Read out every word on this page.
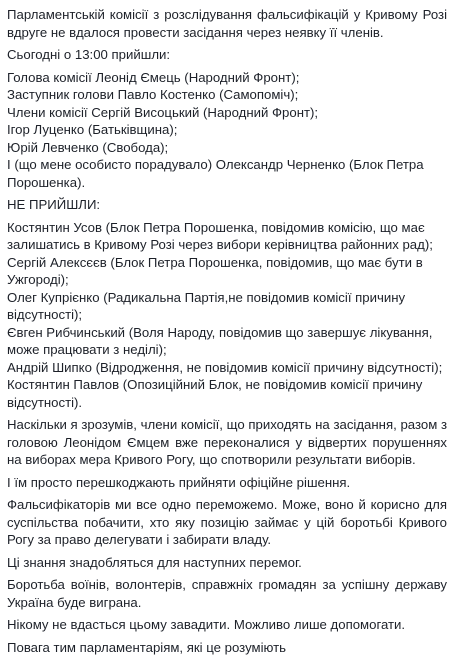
Парламентській комісії з розслідування фальсифікацій у Кривому Розі вдруге не вдалося провести засідання через неявку її членів.

Сьогодні о 13:00 прийшли:

Голова комісії Леонід Ємець (Народний Фронт);
Заступник голови Павло Костенко (Самопоміч);
Члени комісії Сергій Висоцький (Народний Фронт);
Ігор Луценко (Батьківщина);
Юрій Левченко (Свобода);
І (що мене особисто порадувало) Олександр Черненко (Блок Петра Порошенка).

НЕ ПРИЙШЛИ:

Костянтин Усов (Блок Петра Порошенка, повідомив комісію, що має залишатись в Кривому Розі через вибори керівництва районних рад);
Сергій Алексєєв (Блок Петра Порошенка, повідомив, що має бути в Ужгороді);
Олег Купрієнко (Радикальна Партія,не повідомив комісії причину відсутності);
Євген Рибчинський (Воля Народу, повідомив що завершує лікування, може працювати з неділі);
Андрій Шипко (Відродження, не повідомив комісії причину відсутності);
Костянтин Павлов (Опозиційний Блок, не повідомив комісії причину відсутності).

Наскільки я зрозумів, члени комісії, що приходять на засідання, разом з головою Леонідом Ємцем вже переконалися у відвертих порушеннях на виборах мера Кривого Рогу, що спотворили результати виборів.

І їм просто перешкоджають прийняти офіційне рішення.

Фальсифікаторів ми все одно переможемо. Може, воно й корисно для суспільства побачити, хто яку позицію займає у цій боротьбі Кривого Рогу за право делегувати і забирати владу.

Ці знання знадобляться для наступних перемог.

Боротьба воїнів, волонтерів, справжніх громадян за успішну державу Україна буде виграна.

Нікому не вдасться цьому завадити. Можливо лише допомогати.

Повага тим парламентаріям, які це розуміють
